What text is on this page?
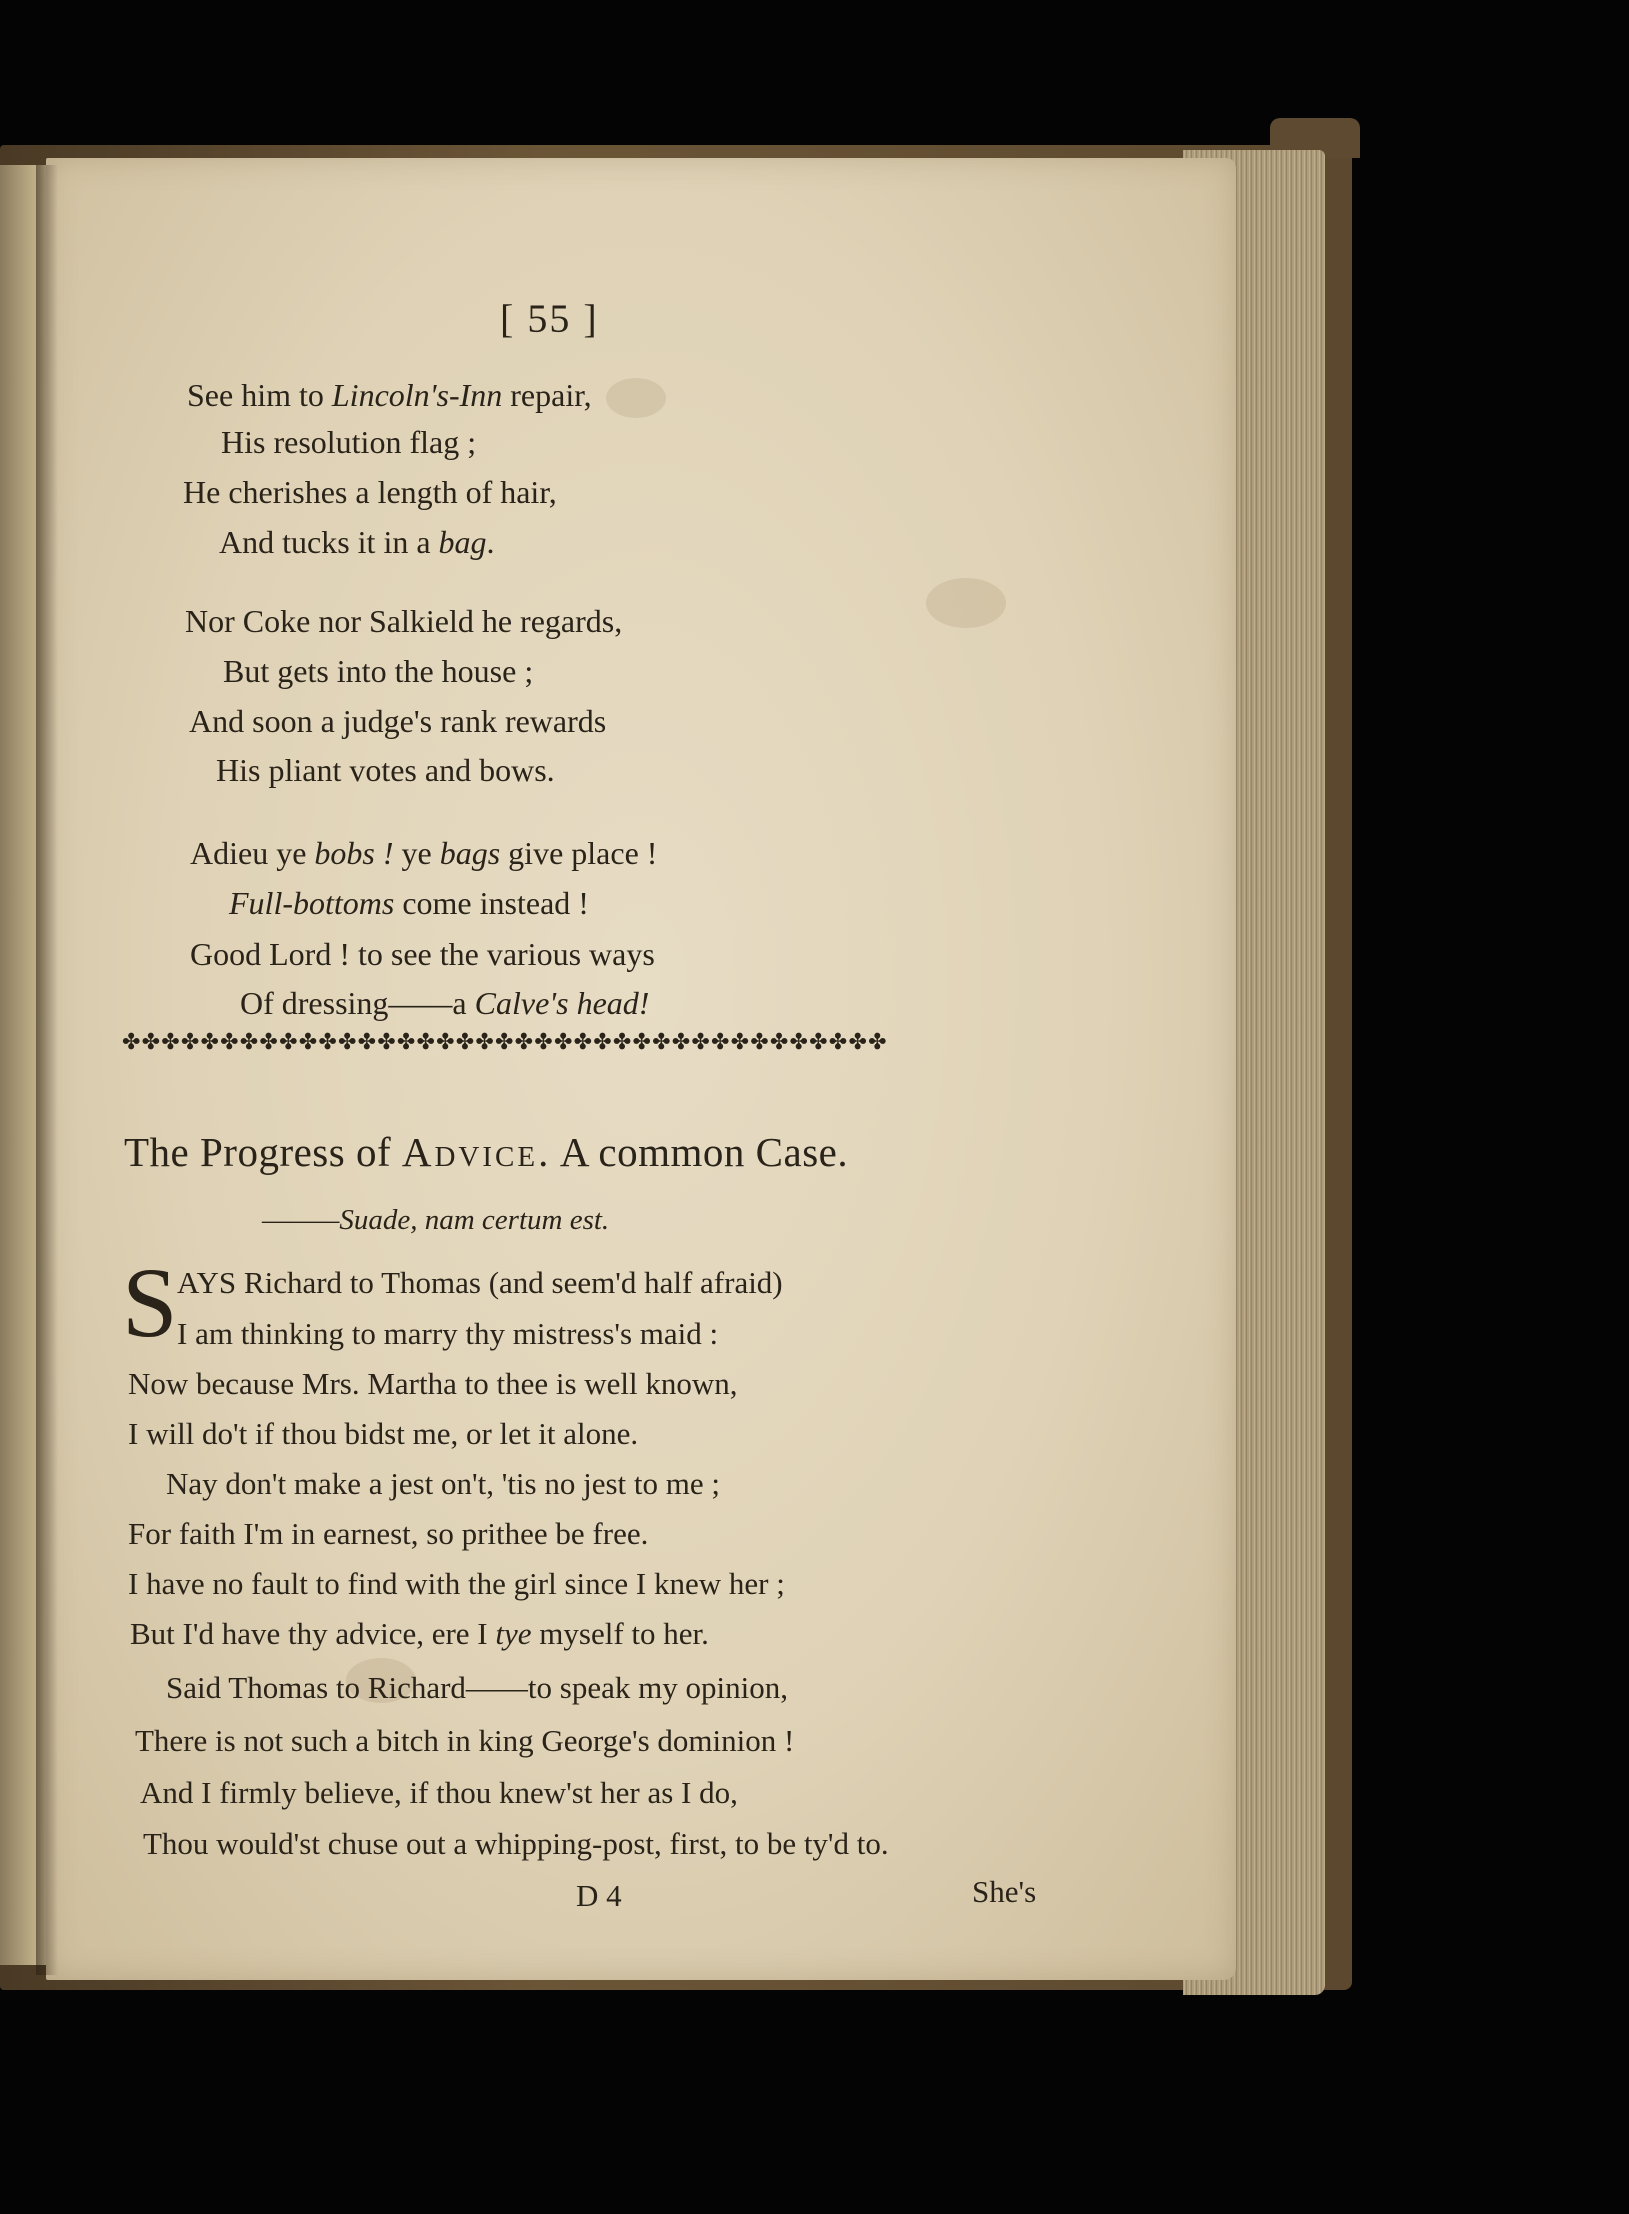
[ 55 ]
See him to Lincoln's-Inn repair,
His resolution flag ;
He cherishes a length of hair,
And tucks it in a bag.
Nor Coke nor Salkield he regards,
But gets into the house ;
And soon a judge's rank rewards
His pliant votes and bows.
Adieu ye bobs ! ye bags give place !
Full-bottoms come instead !
Good Lord ! to see the various ways
Of dressing——a Calve's head!
✤✤✤✤✤✤✤✤✤✤✤✤✤✤✤✤✤✤✤✤✤✤✤✤✤✤✤✤✤✤✤✤✤✤✤✤✤✤✤
The Progress of Advice. A common Case.
———Suade, nam certum est.
S AYS Richard to Thomas (and seem'd half afraid)
I am thinking to marry thy mistress's maid :
Now because Mrs. Martha to thee is well known,
I will do't if thou bidst me, or let it alone.
Nay don't make a jest on't, 'tis no jest to me ;
For faith I'm in earnest, so prithee be free.
I have no fault to find with the girl since I knew her ;
But I'd have thy advice, ere I tye myself to her.
Said Thomas to Richard——to speak my opinion,
There is not such a bitch in king George's dominion !
And I firmly believe, if thou knew'st her as I do,
Thou would'st chuse out a whipping-post, first, to be ty'd to.
D 4	She's
